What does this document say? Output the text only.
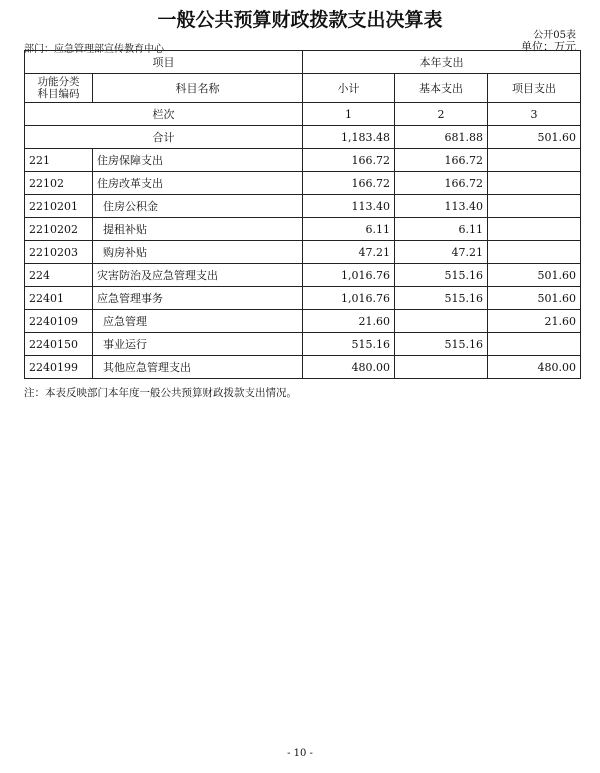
一般公共预算财政拨款支出决算表
公开05表
部门：应急管理部宣传教育中心	单位：万元
项目		本年支出		

功能分类
科目编码	科目名称	小计	基本支出	项目支出
栏次		1	2	3
合计		1,183.48	681.88	501.60
221	住房保障支出	166.72	166.72	
22102	住房改革支出	166.72	166.72	
2210201	住房公积金	113.40	113.40	
2210202	提租补贴	6.11	6.11	
2210203	购房补贴	47.21	47.21	
224	灾害防治及应急管理支出	1,016.76	515.16	501.60
22401	应急管理事务	1,016.76	515.16	501.60
2240109	应急管理	21.60		21.60
2240150	事业运行	515.16	515.16	
2240199	其他应急管理支出	480.00		480.00
注：本表反映部门本年度一般公共预算财政拨款支出情况。
- 10 -
